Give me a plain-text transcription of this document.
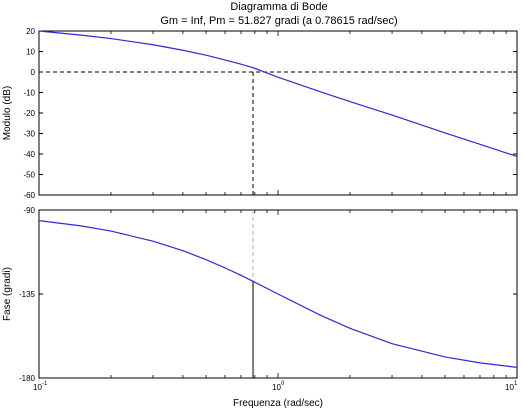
Diagramma di Bode
Gm = Inf, Pm = 51.827 gradi (a 0.78615 rad/sec)
20
10
0
-10
-20
-30
-40
-50
-60
Modulo (dB)
-90
-135
-180
Fase (gradi)
10 -1	10 0	10 1
Frequenza (rad/sec)
